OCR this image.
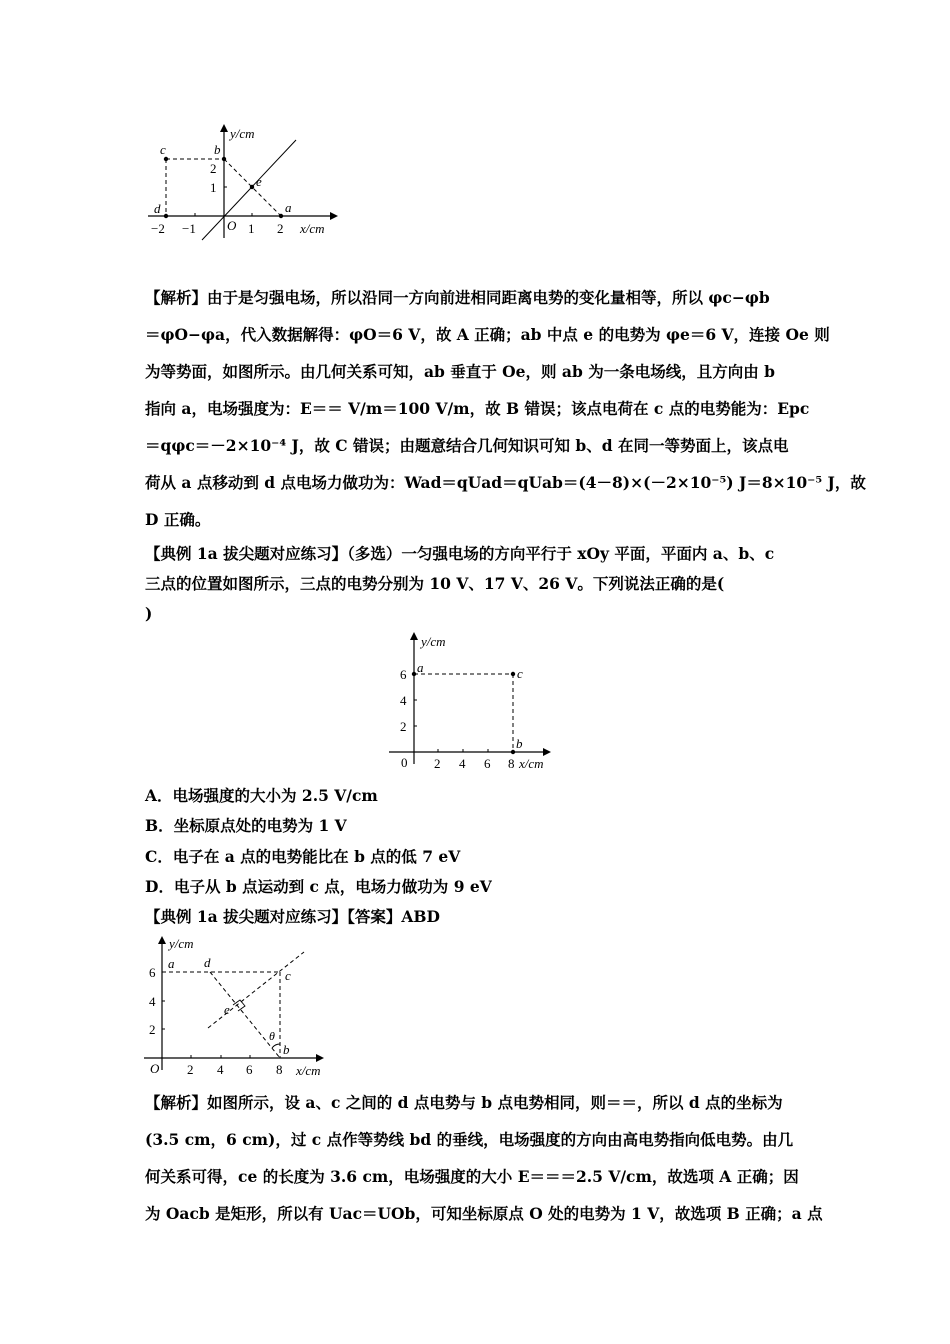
y/cm
x/cm
−2 −1 O 1 2
1
2
c	b
e
d	a
【解析】由于是匀强电场，所以沿同一方向前进相同距离电势的变化量相等，所以 φc−φb
＝φO−φa，代入数据解得：φO＝6 V，故 A 正确；ab 中点 e 的电势为 φe＝6 V，连接 Oe 则
为等势面，如图所示。由几何关系可知，ab 垂直于 Oe，则 ab 为一条电场线，且方向由 b
指向 a，电场强度为：E＝＝ V/m＝100 V/m，故 B 错误；该点电荷在 c 点的电势能为：Epc
＝qφc＝－2×10⁻⁴ J，故 C 错误；由题意结合几何知识可知 b、d 在同一等势面上，该点电
荷从 a 点移动到 d 点电场力做功为：Wad＝qUad＝qUab＝(4－8)×(－2×10⁻⁵) J＝8×10⁻⁵ J，故
D 正确。
【典例 1a 拔尖题对应练习】（多选）一匀强电场的方向平行于 xOy 平面，平面内 a、b、c
三点的位置如图所示，三点的电势分别为 10 V、17 V、26 V。下列说法正确的是(
)
y/cm
x/cm
0 2 4 6 8
2
4
6 a	c
b
A．电场强度的大小为 2.5 V/cm
B．坐标原点处的电势为 1 V
C．电子在 a 点的电势能比在 b 点的低 7 eV
D．电子从 b 点运动到 c 点，电场力做功为 9 eV
【典例 1a 拔尖题对应练习】【答案】ABD
y/cm
x/cm
O 2 4 6 8
2
4
6
a d
c
e
θ
b
【解析】如图所示，设 a、c 之间的 d 点电势与 b 点电势相同，则＝＝，所以 d 点的坐标为
(3.5 cm，6 cm)，过 c 点作等势线 bd 的垂线，电场强度的方向由高电势指向低电势。由几
何关系可得，ce 的长度为 3.6 cm，电场强度的大小 E＝＝＝2.5 V/cm，故选项 A 正确；因
为 Oacb 是矩形，所以有 Uac＝UOb，可知坐标原点 O 处的电势为 1 V，故选项 B 正确；a 点
